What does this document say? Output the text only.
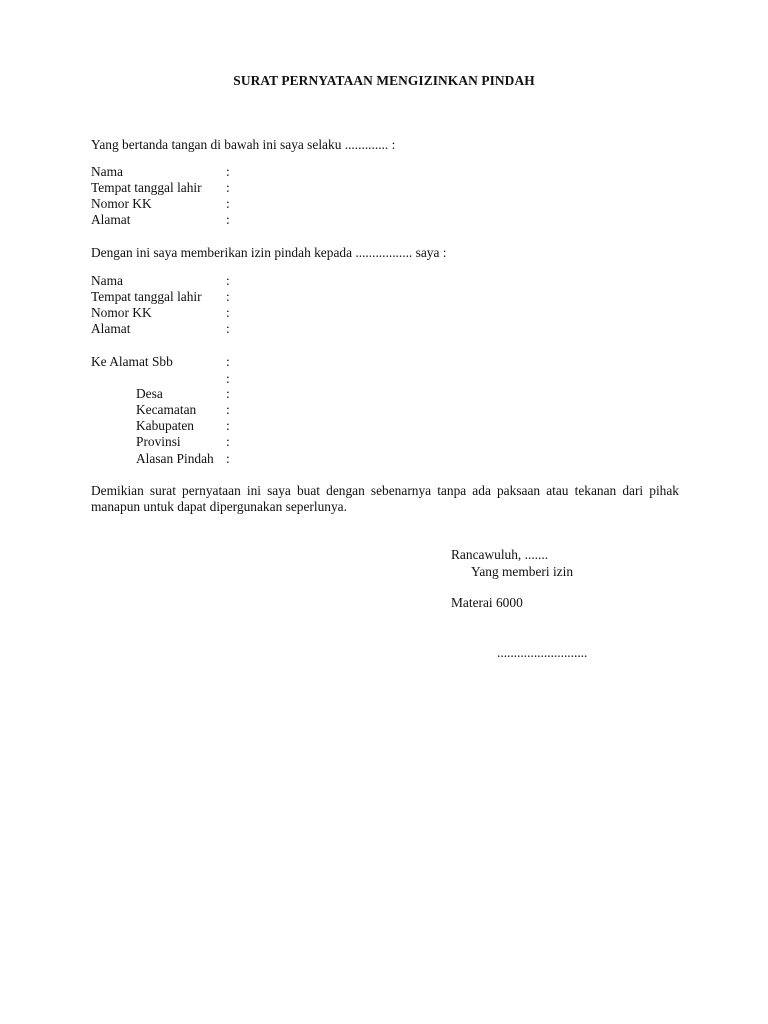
SURAT PERNYATAAN MENGIZINKAN PINDAH
Yang bertanda tangan di bawah ini saya selaku ............. :
Nama	:
Tempat tanggal lahir :
Nomor KK	:
Alamat	:
Dengan ini saya memberikan izin pindah kepada ................. saya :
Nama	:
Tempat tanggal lahir :
Nomor KK	:
Alamat	:
Ke Alamat Sbb	:
:
Desa	:
Kecamatan :
Kabupaten :
Provinsi	:
Alasan Pindah :
Demikian surat pernyataan ini saya buat dengan sebenarnya tanpa ada paksaan atau tekanan dari pihak manapun untuk dapat dipergunakan seperlunya.
Rancawuluh, .......
Yang memberi izin
Materai 6000
...........................
